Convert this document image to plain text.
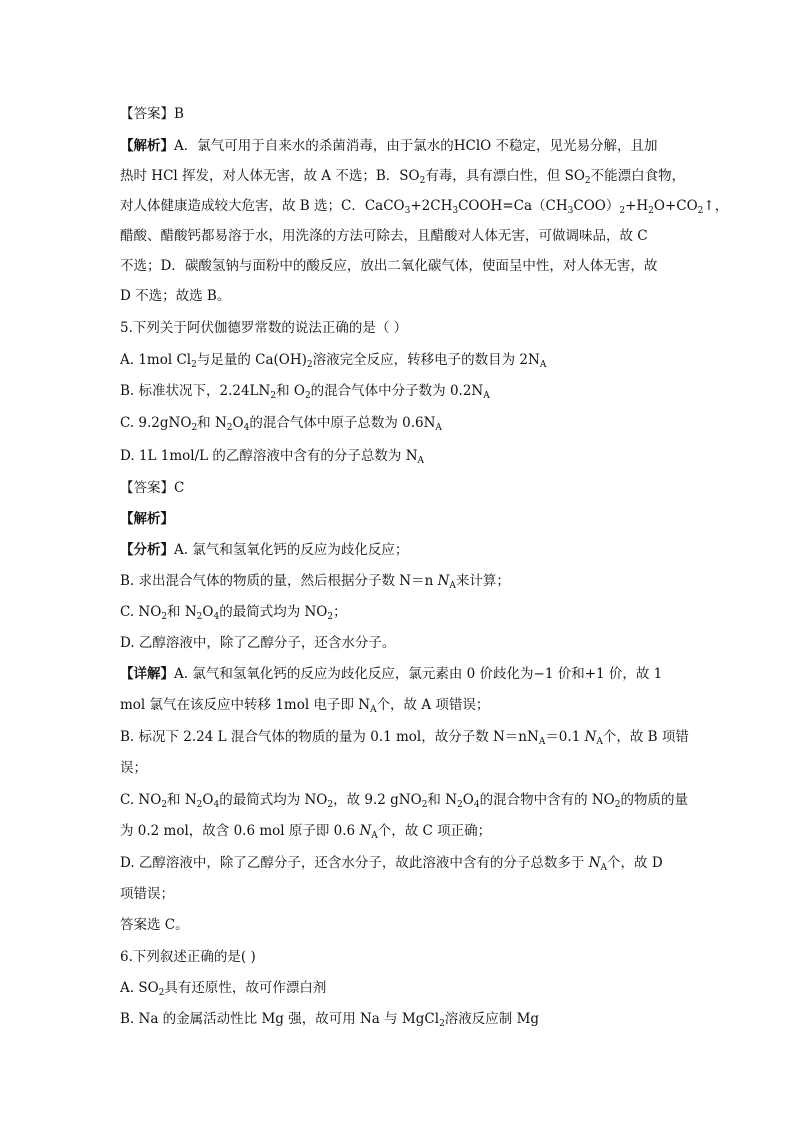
【答案】B
【解析】A．氯气可用于自来水的杀菌消毒，由于氯水的HClO 不稳定，见光易分解，且加
热时 HCl 挥发，对人体无害，故 A 不选；B．$SO_2$有毒，具有漂白性，但 $SO_2$不能漂白食物，
对人体健康造成较大危害，故 B 选；C．$CaCO_3+2CH_3COOH=Ca(CH_3COO)_2+H_2O+CO_2↑$，
醋酸、醋酸钙都易溶于水，用洗涤的方法可除去，且醋酸对人体无害，可做调味品，故 C
不选；D．碳酸氢钠与面粉中的酸反应，放出二氧化碳气体，使面呈中性，对人体无害，故
D 不选；故选 B。
5.下列关于阿伏伽德罗常数的说法正确的是（ ）
A. 1mol $Cl_2$与足量的 $Ca(OH)_2$溶液完全反应，转移电子的数目为 $2N_A$
B. 标准状况下，$2.24LN_2$和 $O_2$的混合气体中分子数为 $0.2N_A$
C. 9.2gNO$_2$和 $N_2O_4$的混合气体中原子总数为 $0.6N_A$
D. 1L 1mol/L 的乙醇溶液中含有的分子总数为 $N_A$
【答案】C
【解析】
【分析】A. 氯气和氢氧化钙的反应为歧化反应；
B. 求出混合气体的物质的量，然后根据分子数 N＝n $N_A$来计算；
C. $NO_2$和 $N_2O_4$的最简式均为 $NO_2$；
D. 乙醇溶液中，除了乙醇分子，还含水分子。
【详解】A. 氯气和氢氧化钙的反应为歧化反应，氯元素由 0 价歧化为−1 价和+1 价，故 1
mol 氯气在该反应中转移 1mol 电子即 $N_A$个，故 A 项错误；
B. 标况下 2.24 L 混合气体的物质的量为 0.1 mol，故分子数 $N=nN_A=0.1$ $N_A$个，故 B 项错
误；
C. $NO_2$和 $N_2O_4$的最简式均为 $NO_2$，故 9.2 gNO$_2$和 $N_2O_4$的混合物中含有的 $NO_2$的物质的量
为 0.2 mol，故含 0.6 mol 原子即 0.6 $N_A$个，故 C 项正确；
D. 乙醇溶液中，除了乙醇分子，还含水分子，故此溶液中含有的分子总数多于 $N_A$个，故 D
项错误；
答案选 C。
6.下列叙述正确的是( )
A. $SO_2$具有还原性，故可作漂白剂
B. Na 的金属活动性比 Mg 强，故可用 Na 与 MgCl$_2$溶液反应制 Mg
